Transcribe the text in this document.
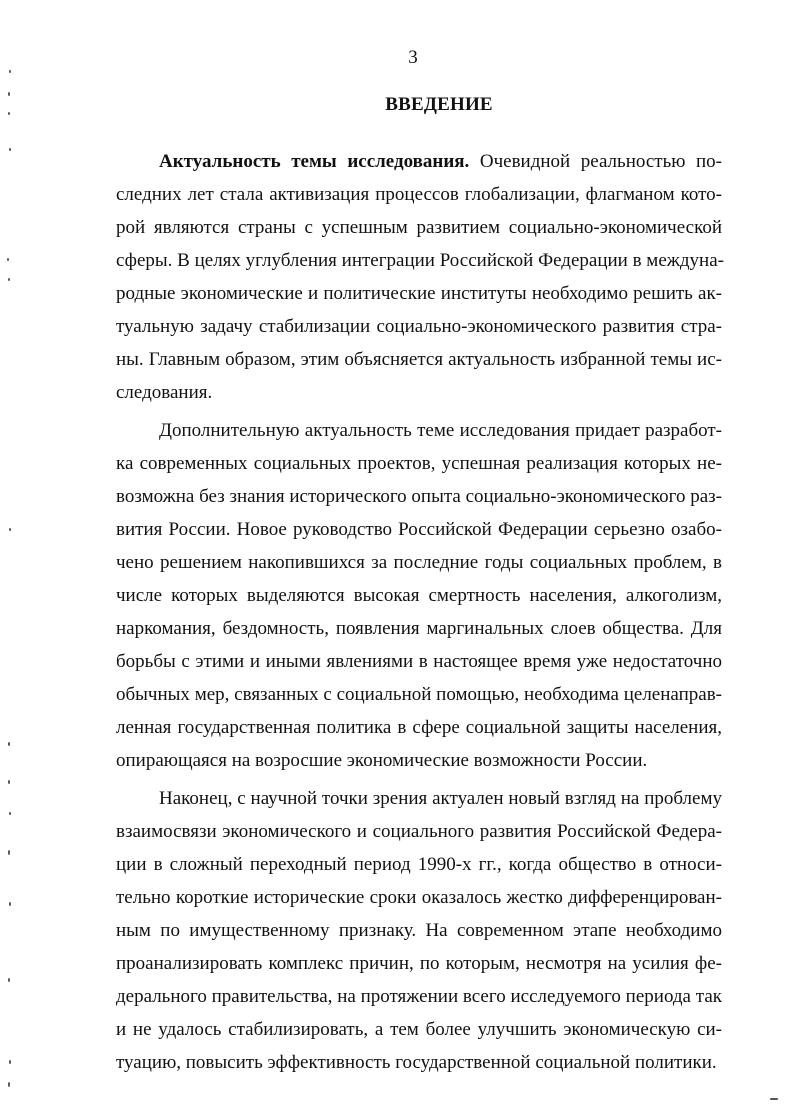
3
ВВЕДЕНИЕ
Актуальность темы исследования. Очевидной реальностью по-
следних лет стала активизация процессов глобализации, флагманом кото-
рой являются страны с успешным развитием социально-экономической
сферы. В целях углубления интеграции Российской Федерации в междуна-
родные экономические и политические институты необходимо решить ак-
туальную задачу стабилизации социально-экономического развития стра-
ны. Главным образом, этим объясняется актуальность избранной темы ис-
следования.
Дополнительную актуальность теме исследования придает разработ-
ка современных социальных проектов, успешная реализация которых не-
возможна без знания исторического опыта социально-экономического раз-
вития России. Новое руководство Российской Федерации серьезно озабо-
чено решением накопившихся за последние годы социальных проблем, в
числе которых выделяются высокая смертность населения, алкоголизм,
наркомания, бездомность, появления маргинальных слоев общества. Для
борьбы с этими и иными явлениями в настоящее время уже недостаточно
обычных мер, связанных с социальной помощью, необходима целенаправ-
ленная государственная политика в сфере социальной защиты населения,
опирающаяся на возросшие экономические возможности России.
Наконец, с научной точки зрения актуален новый взгляд на проблему
взаимосвязи экономического и социального развития Российской Федера-
ции в сложный переходный период 1990-х гг., когда общество в относи-
тельно короткие исторические сроки оказалось жестко дифференцирован-
ным по имущественному признаку. На современном этапе необходимо
проанализировать комплекс причин, по которым, несмотря на усилия фе-
дерального правительства, на протяжении всего исследуемого периода так
и не удалось стабилизировать, а тем более улучшить экономическую си-
туацию, повысить эффективность государственной социальной политики.
